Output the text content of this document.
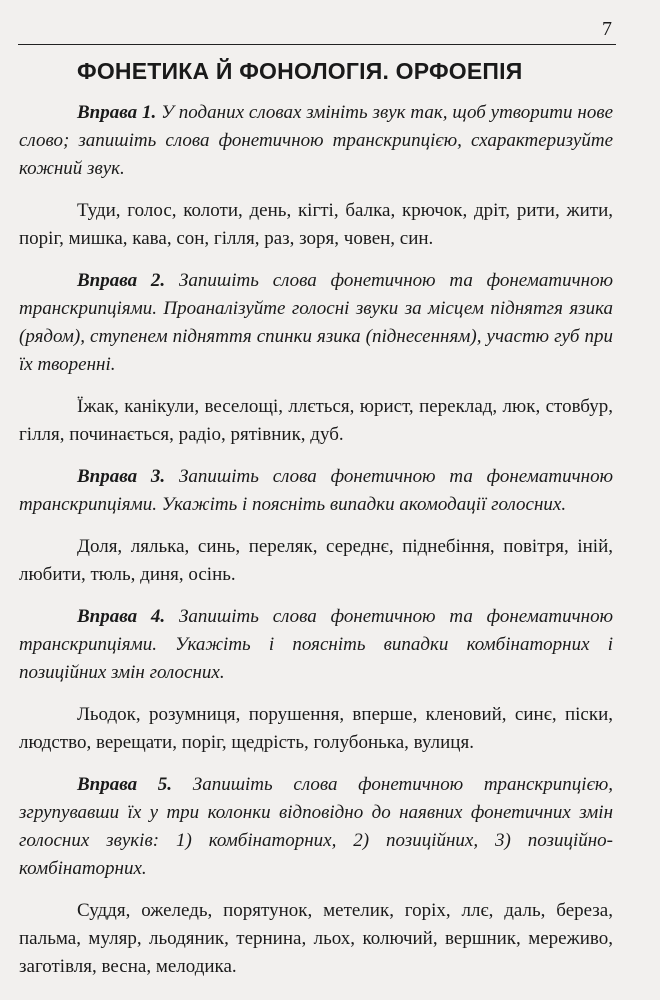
7
ФОНЕТИКА Й ФОНОЛОГІЯ. ОРФОЕПІЯ

Вправа 1. У поданих словах змініть звук так, щоб утворити нове слово; запишіть слова фонетичною транскрипцією, схарактеризуйте кожний звук.

Туди, голос, колоти, день, кігті, балка, крючок, дріт, рити, жити, поріг, мишка, кава, сон, гілля, раз, зоря, човен, син.

Вправа 2. Запишіть слова фонетичною та фонематичною транскрипціями. Проаналізуйте голосні звуки за місцем піднятгя язика (рядом), ступенем підняття спинки язика (піднесенням), участю губ при їх творенні.

Їжак, канікули, веселощі, ллється, юрист, переклад, люк, стовбур, гілля, починається, радіо, рятівник, дуб.

Вправа 3. Запишіть слова фонетичною та фонематичною транскрипціями. Укажіть і поясніть випадки акомодації голосних.

Доля, лялька, синь, переляк, середнє, піднебіння, повітря, іній, любити, тюль, диня, осінь.

Вправа 4. Запишіть слова фонетичною та фонематичною транскрипціями. Укажіть і поясніть випадки комбінаторних і позиційних змін голосних.

Льодок, розумниця, порушення, вперше, кленовий, синє, піски, людство, верещати, поріг, щедрість, голубонька, вулиця.

Вправа 5. Запишіть слова фонетичною транскрипцією, згрупувавши їх у три колонки відповідно до наявних фонетичних змін голосних звуків: 1) комбінаторних, 2) позиційних, 3) позиційно-комбінаторних.

Суддя, ожеледь, порятунок, метелик, горіх, ллє, даль, береза, пальма, муляр, льодяник, тернина, льох, колючий, вершник, мереживо, заготівля, весна, мелодика.
